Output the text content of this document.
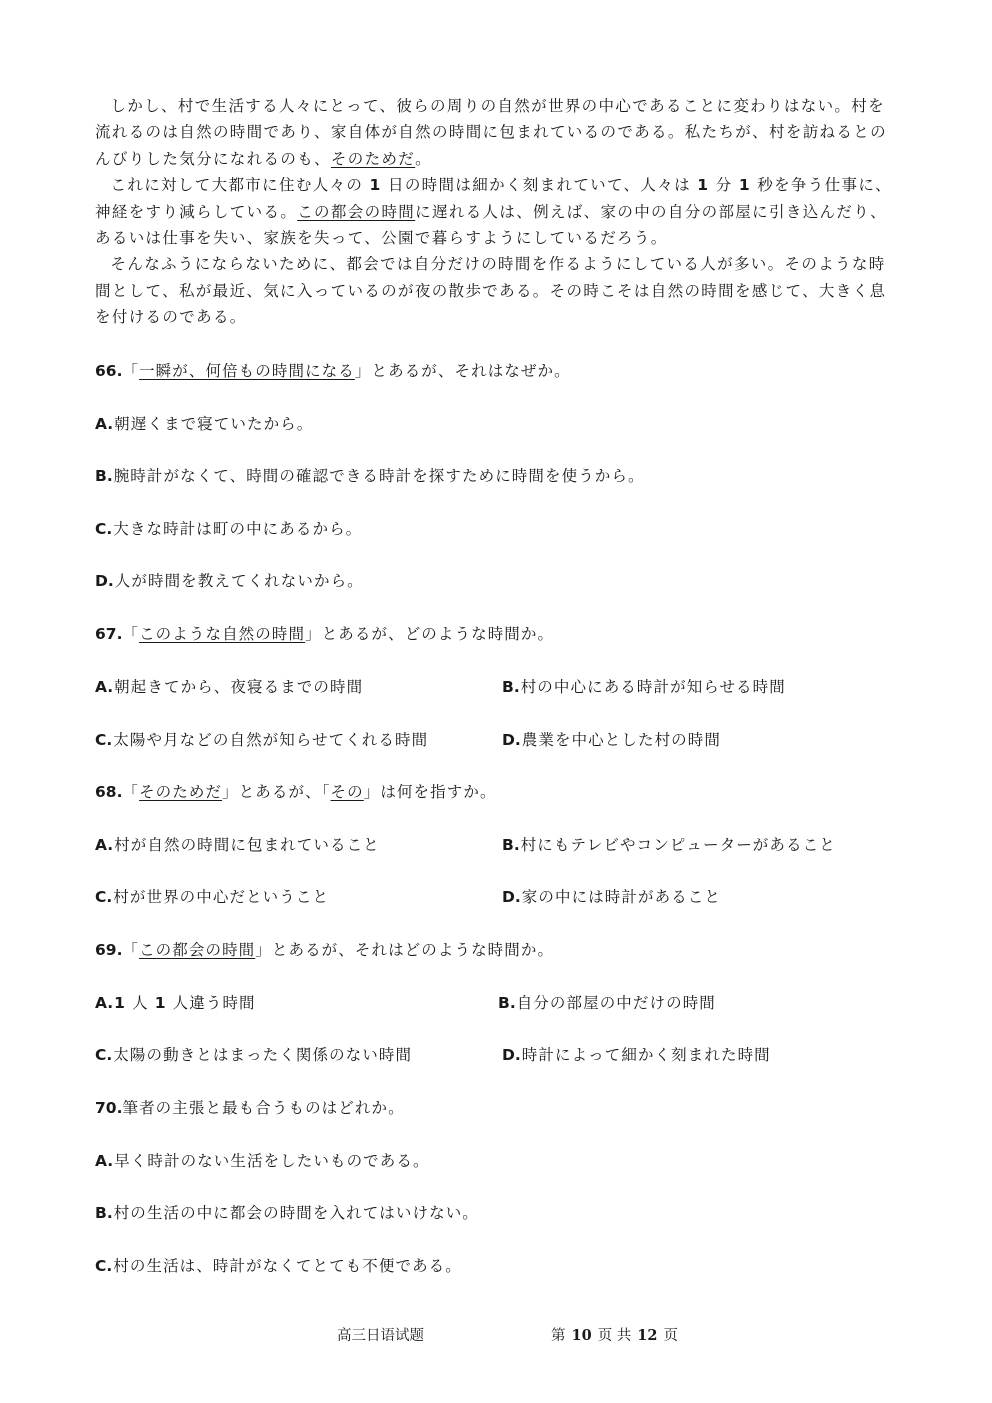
しかし、村で生活する人々にとって、彼らの周りの自然が世界の中心であることに変わりはない。村を流れるのは自然の時間であり、家自体が自然の時間に包まれているのである。私たちが、村を訪ねるとのんびりした気分になれるのも、そのためだ。

これに対して大都市に住む人々の 1 日の時間は細かく刻まれていて、人々は 1 分 1 秒を争う仕事に、神経をすり減らしている。この都会の時間に遅れる人は、例えば、家の中の自分の部屋に引き込んだり、あるいは仕事を失い、家族を失って、公園で暮らすようにしているだろう。

そんなふうにならないために、都会では自分だけの時間を作るようにしている人が多い。そのような時間として、私が最近、気に入っているのが夜の散歩である。その時こそは自然の時間を感じて、大きく息を付けるのである。

66.「一瞬が、何倍もの時間になる」とあるが、それはなぜか。
A.朝遅くまで寝ていたから。
B.腕時計がなくて、時間の確認できる時計を探すために時間を使うから。
C.大きな時計は町の中にあるから。
D.人が時間を教えてくれないから。
67.「このような自然の時間」とあるが、どのような時間か。
A.朝起きてから、夜寝るまでの時間	B.村の中心にある時計が知らせる時間
C.太陽や月などの自然が知らせてくれる時間	D.農業を中心とした村の時間
68.「そのためだ」とあるが、「その」は何を指すか。
A.村が自然の時間に包まれていること	B.村にもテレビやコンピューターがあること
C.村が世界の中心だということ	D.家の中には時計があること
69.「この都会の時間」とあるが、それはどのような時間か。
A.1 人 1 人違う時間	B.自分の部屋の中だけの時間
C.太陽の動きとはまったく関係のない時間	D.時計によって細かく刻まれた時間
70.筆者の主張と最も合うものはどれか。
A.早く時計のない生活をしたいものである。
B.村の生活の中に都会の時間を入れてはいけない。
C.村の生活は、時計がなくてとても不便である。
高三日语试题	第 10 页 共 12 页
